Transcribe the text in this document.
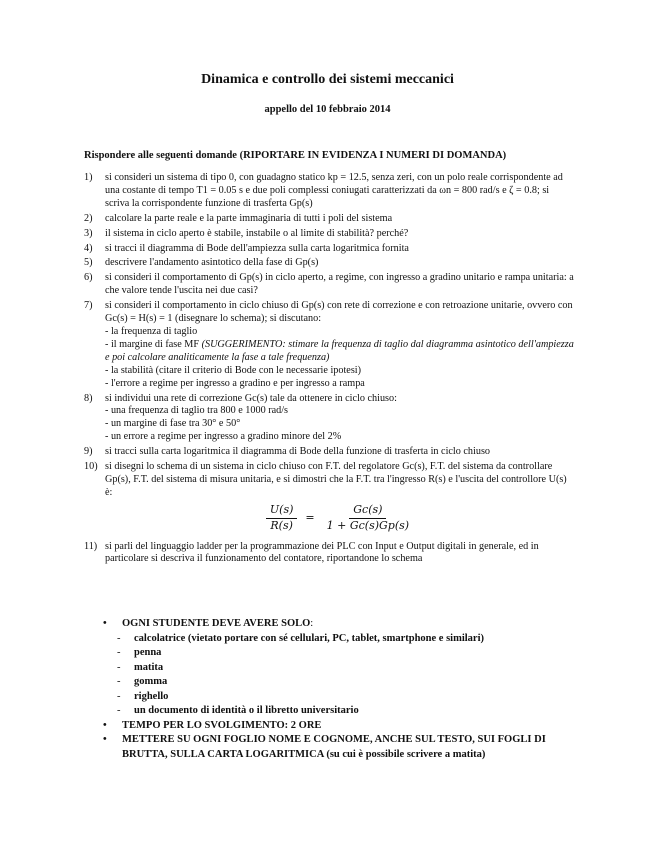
Dinamica e controllo dei sistemi meccanici
appello del 10 febbraio 2014
Rispondere alle seguenti domande (RIPORTARE IN EVIDENZA I NUMERI DI DOMANDA)
1)	si consideri un sistema di tipo 0, con guadagno statico kp = 12.5, senza zeri, con un polo reale corrispondente ad una costante di tempo T1 = 0.05 s e due poli complessi coniugati caratterizzati da ωn = 800 rad/s e ζ = 0.8; si scriva la corrispondente funzione di trasferta Gp(s)
2)	calcolare la parte reale e la parte immaginaria di tutti i poli del sistema
3)	il sistema in ciclo aperto è stabile, instabile o al limite di stabilità? perché?
4)	si tracci il diagramma di Bode dell'ampiezza sulla carta logaritmica fornita
5)	descrivere l'andamento asintotico della fase di Gp(s)
6)	si consideri il comportamento di Gp(s) in ciclo aperto, a regime, con ingresso a gradino unitario e rampa unitaria: a che valore tende l'uscita nei due casi?
7)	si consideri il comportamento in ciclo chiuso di Gp(s) con rete di correzione e con retroazione unitarie, ovvero con Gc(s) = H(s) = 1 (disegnare lo schema); si discutano:
- la frequenza di taglio
- il margine di fase MF (SUGGERIMENTO: stimare la frequenza di taglio dal diagramma asintotico dell'ampiezza e poi calcolare analiticamente la fase a tale frequenza)
- la stabilità (citare il criterio di Bode con le necessarie ipotesi)
- l'errore a regime per ingresso a gradino e per ingresso a rampa
8)	si individui una rete di correzione Gc(s) tale da ottenere in ciclo chiuso:
- una frequenza di taglio tra 800 e 1000 rad/s
- un margine di fase tra 30° e 50°
- un errore a regime per ingresso a gradino minore del 2%
9)	si tracci sulla carta logaritmica il diagramma di Bode della funzione di trasferta in ciclo chiuso
10) si disegni lo schema di un sistema in ciclo chiuso con F.T. del regolatore Gc(s), F.T. del sistema da controllare Gp(s), F.T. del sistema di misura unitaria, e si dimostri che la F.T. tra l'ingresso R(s) e l'uscita del controllore U(s) è:
$\frac{U(s)}{R(s)} = \frac{Gc(s)}{1 + Gc(s)Gp(s)}$
11) si parli del linguaggio ladder per la programmazione dei PLC con Input e Output digitali in generale, ed in particolare si descriva il funzionamento del contatore, riportandone lo schema
•	OGNI STUDENTE DEVE AVERE SOLO:
-	calcolatrice (vietato portare con sé cellulari, PC, tablet, smartphone e similari)
-	penna
-	matita
-	gomma
-	righello
-	un documento di identità o il libretto universitario
•	TEMPO PER LO SVOLGIMENTO: 2 ORE
•	METTERE SU OGNI FOGLIO NOME E COGNOME, ANCHE SUL TESTO, SUI FOGLI DI BRUTTA, SULLA CARTA LOGARITMICA (su cui è possibile scrivere a matita)
